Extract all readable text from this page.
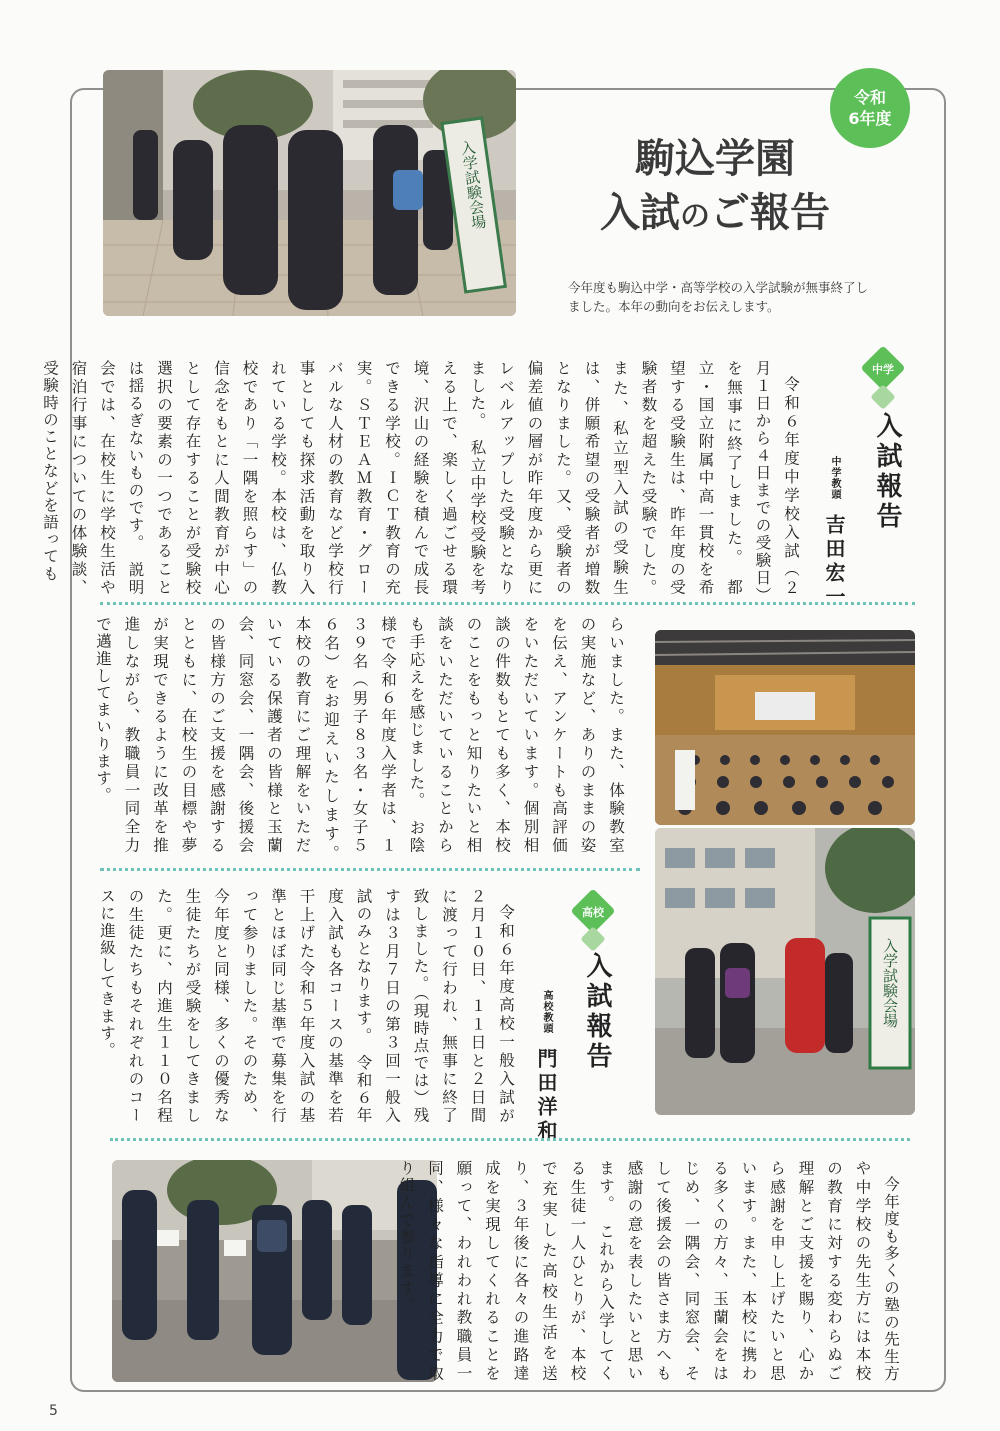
入学試験会場
令和
6年度
駒込学園
入試のご報告
今年度も駒込中学・高等学校の入学試験が無事終了しました。本年の動向をお伝えします。
中学
入試報告
中学教頭 吉田宏一

令和６年度中学校入試（２月１日から４日までの受験日）を無事に終了しました。　都立・国立附属中高一貫校を希望する受験生は、昨年度の受験者数を超えた受験でした。また、私立型入試の受験生は、併願希望の受験者が増数となりました。又、受験者の偏差値の層が昨年度から更にレベルアップした受験となりました。　私立中学校受験を考える上で、楽しく過ごせる環境、沢山の経験を積んで成長できる学校。ＩＣＴ教育の充実。ＳＴＥＡＭ教育・グローバルな人材の教育など学校行事としても探求活動を取り入れている学校。本校は、仏教校であり「一隅を照らす」の信念をもとに人間教育が中心として存在することが受験校選択の要素の一つであることは揺るぎないものです。　説明会では、在校生に学校生活や宿泊行事についての体験談、受験時のことなどを語っても

らいました。また、体験教室の実施など、ありのままの姿を伝え、アンケートも高評価をいただいています。個別相談の件数もとても多く、本校のことをもっと知りたいと相談をいただいていることからも手応えを感じました。　お陰様で令和６年度入学者は、１３９名（男子８３名・女子５６名）をお迎えいたします。　本校の教育にご理解をいただいている保護者の皆様と玉蘭会、同窓会、一隅会、後援会の皆様方のご支援を感謝するとともに、在校生の目標や夢が実現できるように改革を推進しながら、教職員一同全力で邁進してまいります。

入学試験会場
高校
入試報告
高校教頭 門田洋和

令和６年度高校一般入試が２月１０日、１１日と２日間に渡って行われ、無事に終了致しました。（現時点では）残すは３月７日の第３回一般入試のみとなります。　令和６年度入試も各コースの基準を若干上げた令和５年度入試の基準とほぼ同じ基準で募集を行って参りました。そのため、今年度と同様、多くの優秀な生徒たちが受験をしてきました。更に、内進生１１０名程の生徒たちもそれぞれのコースに進級してきます。

今年度も多くの塾の先生方や中学校の先生方には本校の教育に対する変わらぬご理解とご支援を賜り、心から感謝を申し上げたいと思います。また、本校に携わる多くの方々、玉蘭会をはじめ、一隅会、同窓会、そして後援会の皆さま方へも感謝の意を表したいと思います。　これから入学してくる生徒一人ひとりが、本校で充実した高校生活を送り、３年後に各々の進路達成を実現してくれることを願って、われわれ教職員一同、様々な指導に全力で取り組んで参ります。

5
